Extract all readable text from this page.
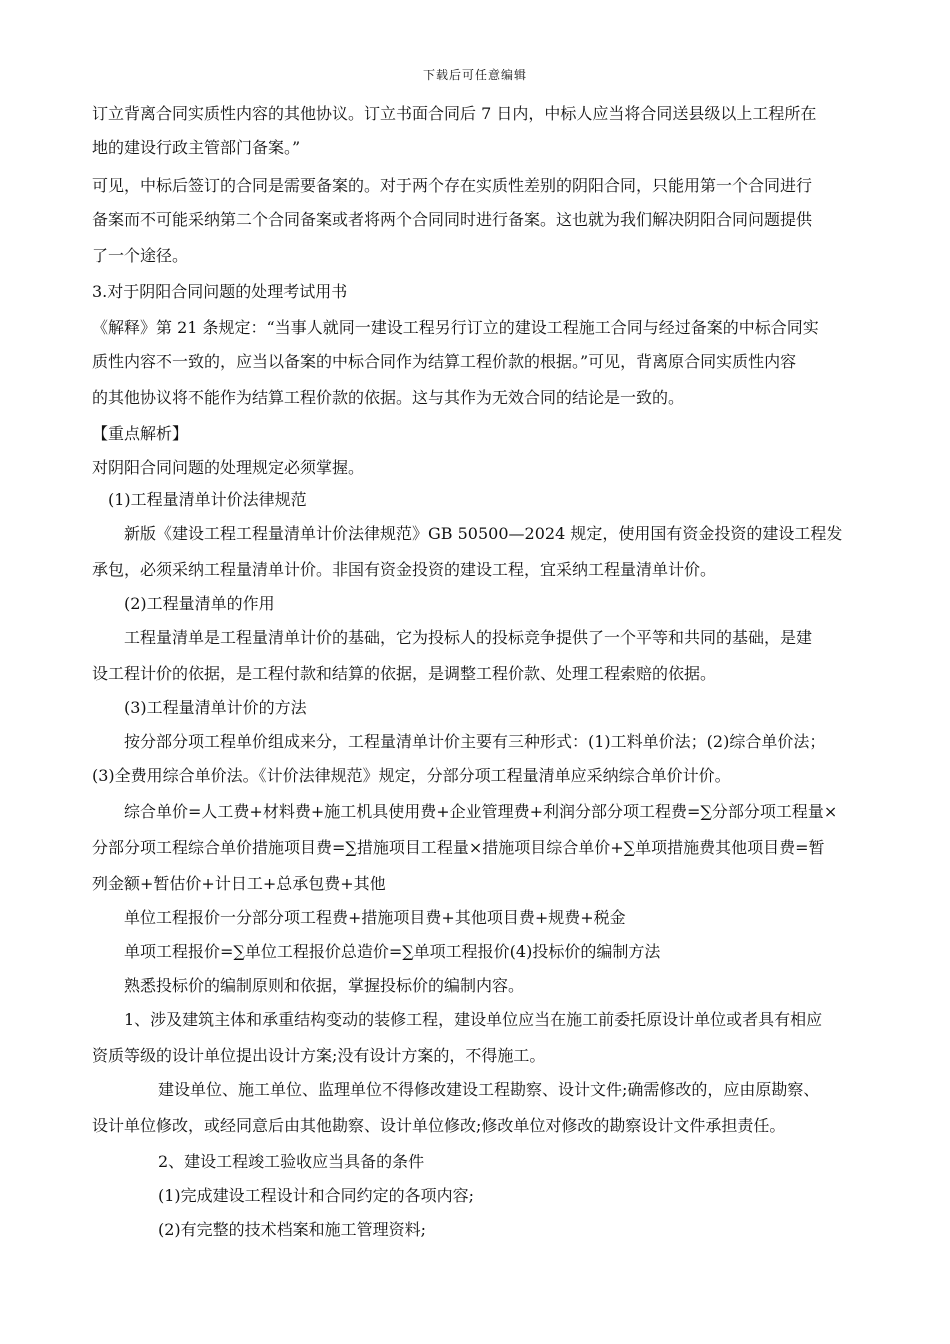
下载后可任意编辑
订立背离合同实质性内容的其他协议。订立书面合同后 7 日内，中标人应当将合同送县级以上工程所在
地的建设行政主管部门备案。”
可见，中标后签订的合同是需要备案的。对于两个存在实质性差别的阴阳合同，只能用第一个合同进行
备案而不可能采纳第二个合同备案或者将两个合同同时进行备案。这也就为我们解决阴阳合同问题提供
了一个途径。
3.对于阴阳合同问题的处理考试用书
《解释》第 21 条规定：“当事人就同一建设工程另行订立的建设工程施工合同与经过备案的中标合同实
质性内容不一致的，应当以备案的中标合同作为结算工程价款的根据。”可见，背离原合同实质性内容
的其他协议将不能作为结算工程价款的依据。这与其作为无效合同的结论是一致的。
【重点解析】
对阴阳合同问题的处理规定必须掌握。
(1)工程量清单计价法律规范
新版《建设工程工程量清单计价法律规范》GB 50500—2024 规定，使用国有资金投资的建设工程发
承包，必须采纳工程量清单计价。非国有资金投资的建设工程，宜采纳工程量清单计价。
(2)工程量清单的作用
工程量清单是工程量清单计价的基础，它为投标人的投标竞争提供了一个平等和共同的基础，是建
设工程计价的依据，是工程付款和结算的依据，是调整工程价款、处理工程索赔的依据。
(3)工程量清单计价的方法
按分部分项工程单价组成来分，工程量清单计价主要有三种形式：(1)工料单价法；(2)综合单价法；
(3)全费用综合单价法。《计价法律规范》规定，分部分项工程量清单应采纳综合单价计价。
综合单价=人工费+材料费+施工机具使用费+企业管理费+利润分部分项工程费=∑分部分项工程量×
分部分项工程综合单价措施项目费=∑措施项目工程量×措施项目综合单价+∑单项措施费其他项目费=暂
列金额+暂估价+计日工+总承包费+其他
单位工程报价一分部分项工程费+措施项目费+其他项目费+规费+税金
单项工程报价=∑单位工程报价总造价=∑单项工程报价(4)投标价的编制方法
熟悉投标价的编制原则和依据，掌握投标价的编制内容。
1、涉及建筑主体和承重结构变动的装修工程，建设单位应当在施工前委托原设计单位或者具有相应
资质等级的设计单位提出设计方案;没有设计方案的，不得施工。
建设单位、施工单位、监理单位不得修改建设工程勘察、设计文件;确需修改的，应由原勘察、
设计单位修改，或经同意后由其他勘察、设计单位修改;修改单位对修改的勘察设计文件承担责任。
2、建设工程竣工验收应当具备的条件
(1)完成建设工程设计和合同约定的各项内容;
(2)有完整的技术档案和施工管理资料;
